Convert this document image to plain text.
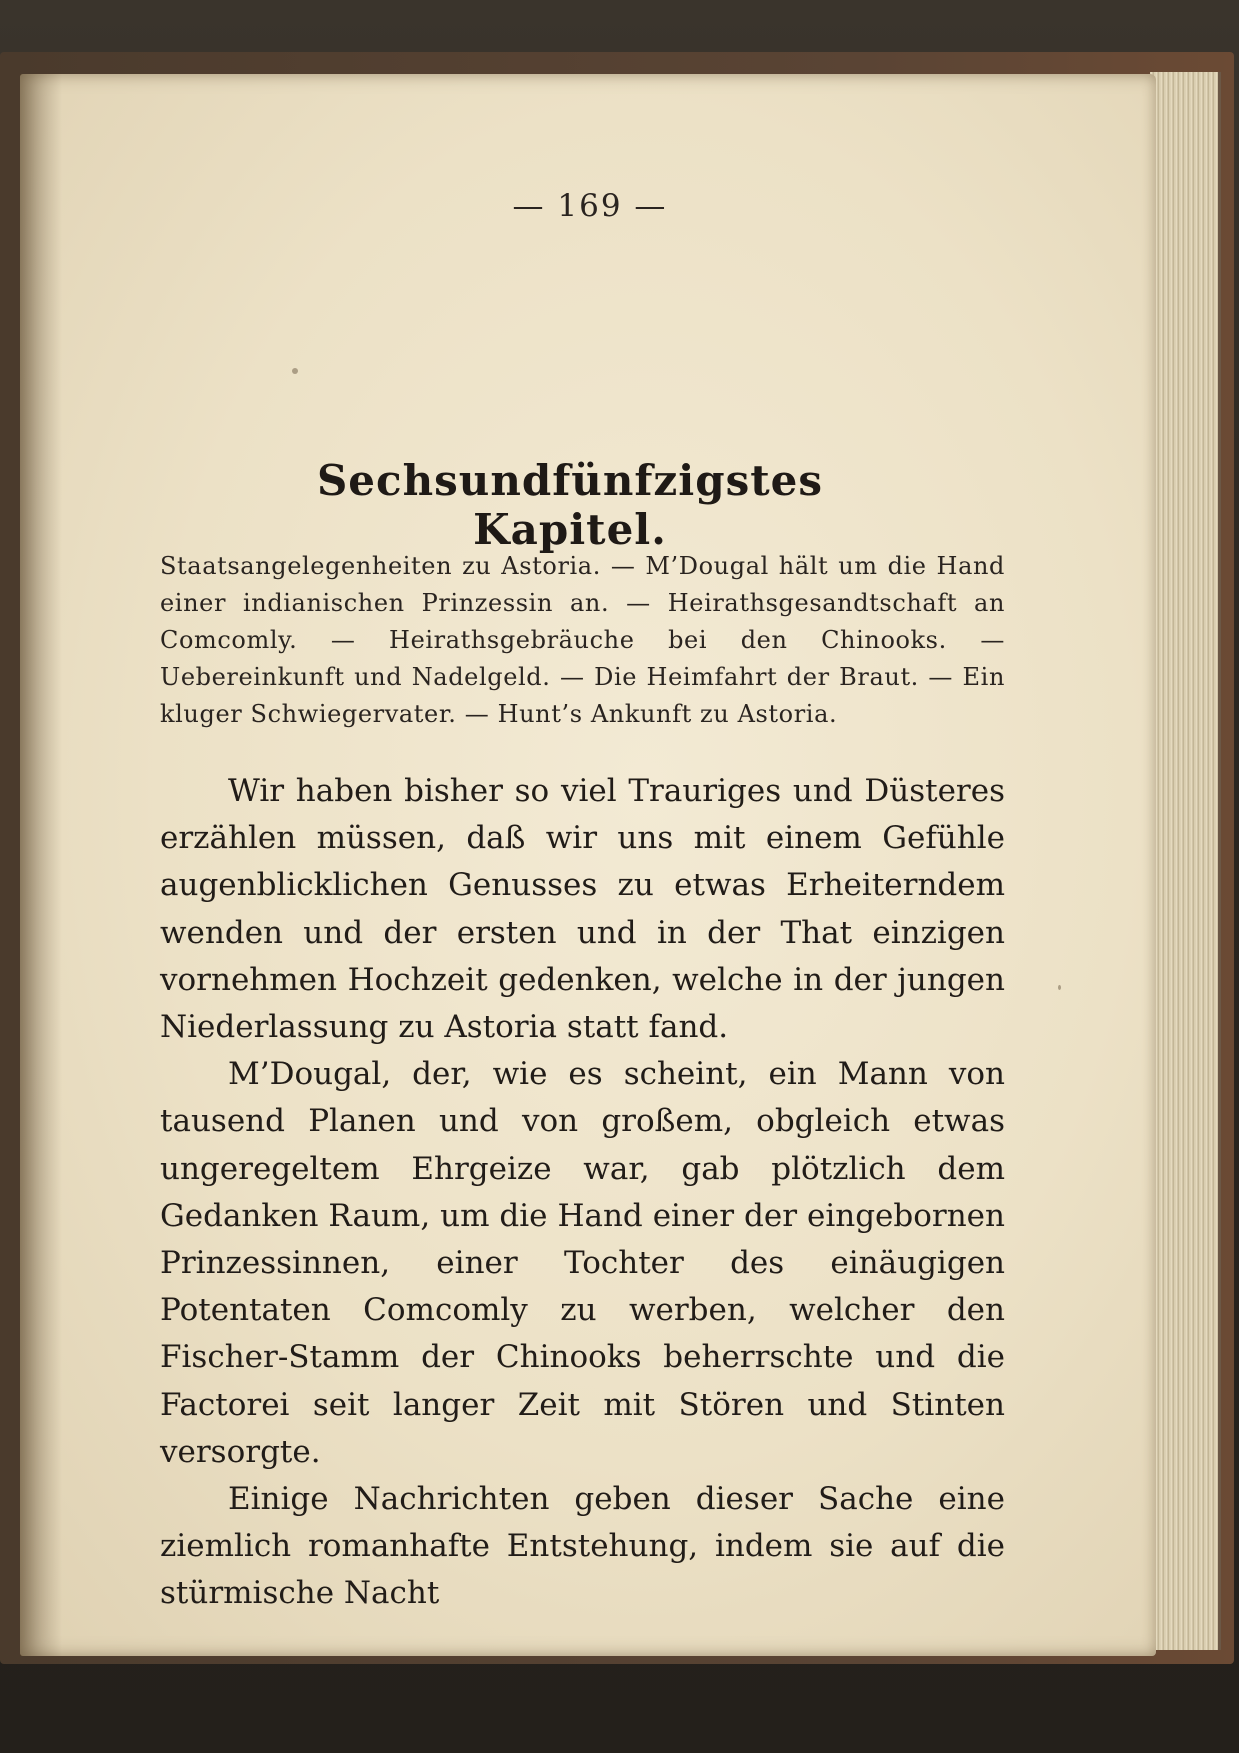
— 169 —
Sechsundfünfzigstes Kapitel.
Staatsangelegenheiten zu Astoria. — M’Dougal hält um die Hand einer indianischen Prinzessin an. — Heirathsgesandtschaft an Comcomly. — Heirathsgebräuche bei den Chinooks. — Uebereinkunft und Nadelgeld. — Die Heimfahrt der Braut. — Ein kluger Schwiegervater. — Hunt’s Ankunft zu Astoria.

Wir haben bisher so viel Trauriges und Düsteres erzählen müssen, daß wir uns mit einem Gefühle augenblicklichen Genusses zu etwas Erheiterndem wenden und der ersten und in der That einzigen vornehmen Hochzeit gedenken, welche in der jungen Niederlassung zu Astoria statt fand.

M’Dougal, der, wie es scheint, ein Mann von tausend Planen und von großem, obgleich etwas ungeregeltem Ehrgeize war, gab plötzlich dem Gedanken Raum, um die Hand einer der eingebornen Prinzessinnen, einer Tochter des einäugigen Potentaten Comcomly zu werben, welcher den Fischer-Stamm der Chinooks beherrschte und die Factorei seit langer Zeit mit Stören und Stinten versorgte.

Einige Nachrichten geben dieser Sache eine ziemlich romanhafte Entstehung, indem sie auf die stürmische Nacht
